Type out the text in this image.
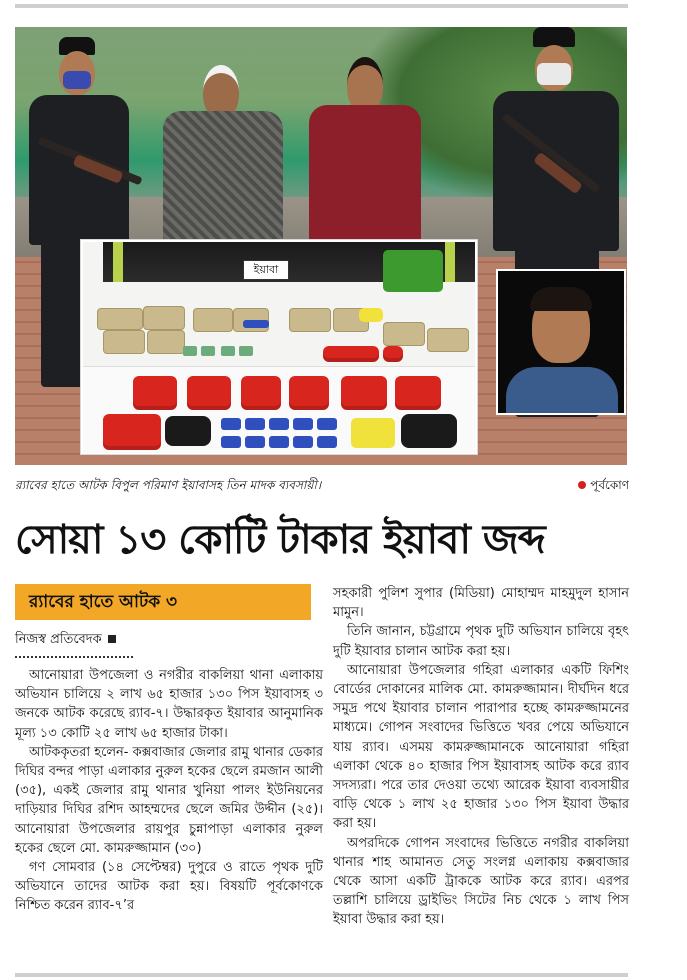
ইয়াবা
র‌্যাবের হাতে আটক বিপুল পরিমাণ ইয়াবাসহ তিন মাদক ব্যবসায়ী।	পূর্বকোণ
সোয়া ১৩ কোটি টাকার ইয়াবা জব্দ
র‌্যাবের হাতে আটক ৩
নিজস্ব প্রতিবেদক

আনোয়ারা উপজেলা ও নগরীর বাকলিয়া থানা এলাকায় অভিযান চালিয়ে ২ লাখ ৬৫ হাজার ১৩০ পিস ইয়াবাসহ ৩ জনকে আটক করেছে র‌্যাব-৭। উদ্ধারকৃত ইয়াবার আনুমানিক মূল্য ১৩ কোটি ২৫ লাখ ৬৫ হাজার টাকা।

আটককৃতরা হলেন- কক্সবাজার জেলার রামু থানার ডেকার দিঘির বন্দর পাড়া এলাকার নুরুল হকের ছেলে রমজান আলী (৩৫), একই জেলার রামু থানার খুনিয়া পালং ইউনিয়নের দাড়িয়ার দিঘির রশিদ আহম্মদের ছেলে জমির উদ্দীন (২৫)। আনোয়ারা উপজেলার রায়পুর চুন্নাপাড়া এলাকার নুরুল হকের ছেলে মো. কামরুজ্জামান (৩০)

গণ সোমবার (১৪ সেপ্টেম্বর) দুপুরে ও রাতে পৃথক দুটি অভিযানে তাদের আটক করা হয়। বিষয়টি পূর্বকোণকে নিশ্চিত করেন র‌্যাব-৭’র

সহকারী পুলিশ সুপার (মিডিয়া) মোহাম্মদ মাহমুদুল হাসান মামুন।

তিনি জানান, চট্টগ্রামে পৃথক দুটি অভিযান চালিয়ে বৃহৎ দুটি ইয়াবার চালান আটক করা হয়।

আনোয়ারা উপজেলার গহিরা এলাকার একটি ফিশিং বোর্ডের দোকানের মালিক মো. কামরুজ্জামান। দীর্ঘদিন ধরে সমুদ্র পথে ইয়াবার চালান পারাপার হচ্ছে কামরুজ্জামনের মাধ্যমে। গোপন সংবাদের ভিত্তিতে খবর পেয়ে অভিযানে যায় র‌্যাব। এসময় কামরুজ্জামানকে আনোয়ারা গহিরা এলাকা থেকে ৪০ হাজার পিস ইয়াবাসহ আটক করে র‌্যাব সদস্যরা। পরে তার দেওয়া তথ্যে আরেক ইয়াবা ব্যবসায়ীর বাড়ি থেকে ১ লাখ ২৫ হাজার ১৩০ পিস ইয়াবা উদ্ধার করা হয়।

অপরদিকে গোপন সংবাদের ভিত্তিতে নগরীর বাকলিয়া থানার শাহ আমানত সেতু সংলগ্ন এলাকায় কক্সবাজার থেকে আসা একটি ট্রাককে আটক করে র‌্যাব। এরপর তল্লাশি চালিয়ে ড্রাইভিং সিটের নিচ থেকে ১ লাখ পিস ইয়াবা উদ্ধার করা হয়।
